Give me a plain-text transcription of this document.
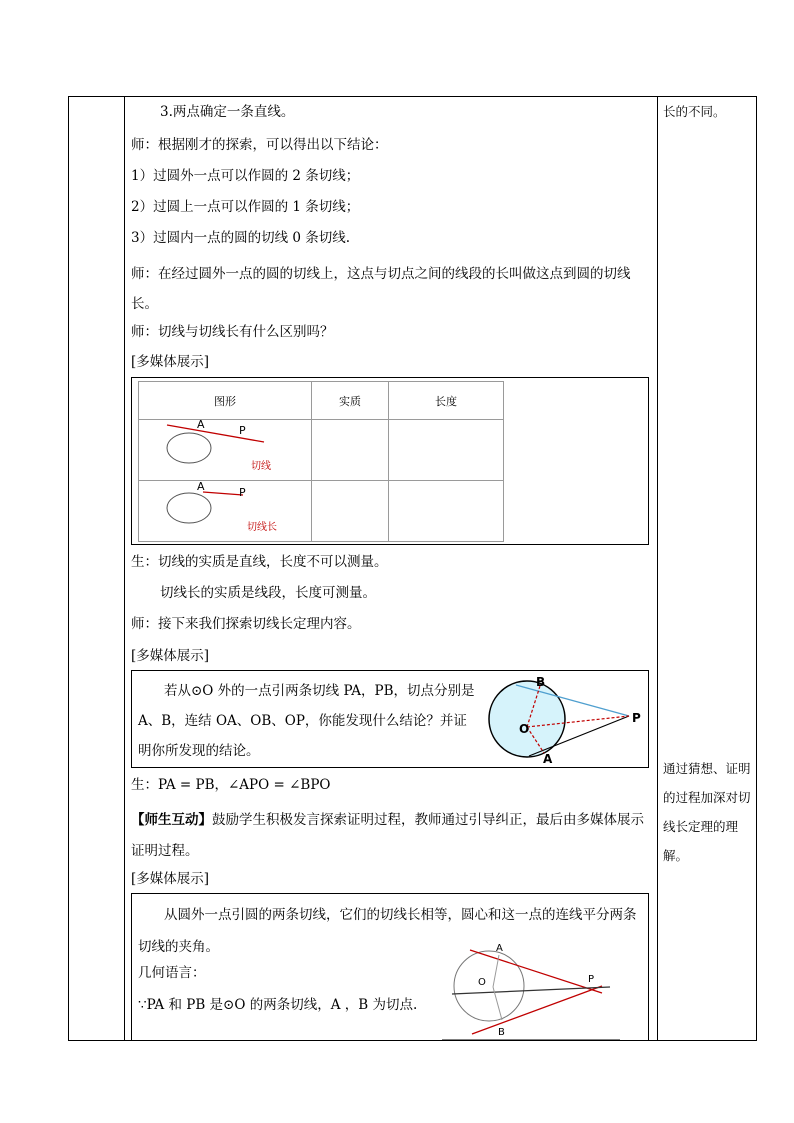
3.两点确定一条直线。
师：根据刚才的探索，可以得出以下结论：
1）过圆外一点可以作圆的 2 条切线；
2）过圆上一点可以作圆的 1 条切线；
3）过圆内一点的圆的切线 0 条切线.
师：在经过圆外一点的圆的切线上，这点与切点之间的线段的长叫做这点到圆的切线长。
师：切线与切线长有什么区别吗？
[多媒体展示]
图形	实质	长度

A P
切线		

A P
切线长		

生：切线的实质是直线，长度不可以测量。
切线长的实质是线段，长度可测量。
师：接下来我们探索切线长定理内容。
[多媒体展示]
若从⊙O 外的一点引两条切线 PA，PB，切点分别是 A、B，连结 OA、OB、OP，你能发现什么结论？并证明你所发现的结论。
B
O
P
A
生：PA = PB，∠APO = ∠BPO
【师生互动】鼓励学生积极发言探索证明过程，教师通过引导纠正，最后由多媒体展示证明过程。
[多媒体展示]
从圆外一点引圆的两条切线，它们的切线长相等，圆心和这一点的连线平分两条切线的夹角。
几何语言：
∵PA 和 PB 是⊙O 的两条切线，A ，B 为切点.
A
O	P
B
长的不同。
通过猜想、证明的过程加深对切线长定理的理解。
